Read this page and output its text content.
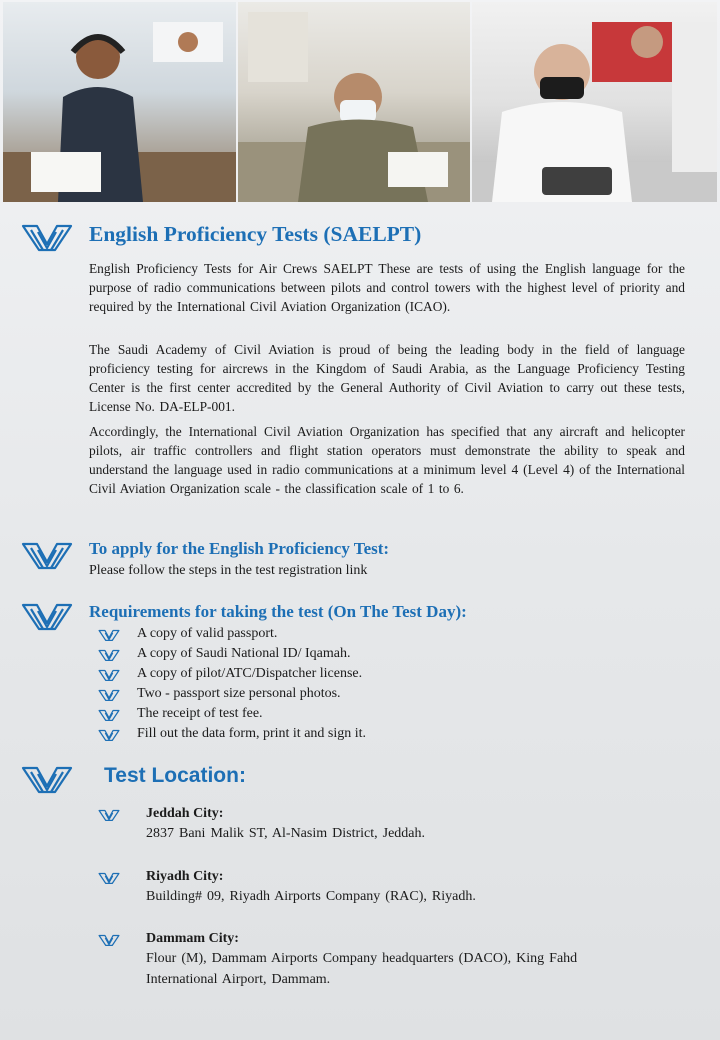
English Proficiency Tests (SAELPT)

English Proficiency Tests for Air Crews SAELPT These are tests of using the English language for the purpose of radio communications between pilots and control towers with the highest level of priority and required by the International Civil Aviation Organization (ICAO).

The Saudi Academy of Civil Aviation is proud of being the leading body in the field of language proficiency testing for aircrews in the Kingdom of Saudi Arabia, as the Language Proficiency Testing Center is the first center accredited by the General Authority of Civil Aviation to carry out these tests, License No. DA-ELP-001.

Accordingly, the International Civil Aviation Organization has specified that any aircraft and helicopter pilots, air traffic controllers and flight station operators must demonstrate the ability to speak and understand the language used in radio communications at a minimum level 4 (Level 4) of the International Civil Aviation Organization scale - the classification scale of 1 to 6.

To apply for the English Proficiency Test:
Please follow the steps in the test registration link
Requirements for taking the test (On The Test Day):
A copy of valid passport.
A copy of Saudi National ID/ Iqamah.
A copy of pilot/ATC/Dispatcher license.
Two - passport size personal photos.
The receipt of test fee.
Fill out the data form, print it and sign it.
Test Location:
Jeddah City:
2837 Bani Malik ST, Al-Nasim District, Jeddah.
Riyadh City:
Building# 09, Riyadh Airports Company (RAC), Riyadh.
Dammam City:
Flour (M), Dammam Airports Company headquarters (DACO), King Fahd International Airport, Dammam.
